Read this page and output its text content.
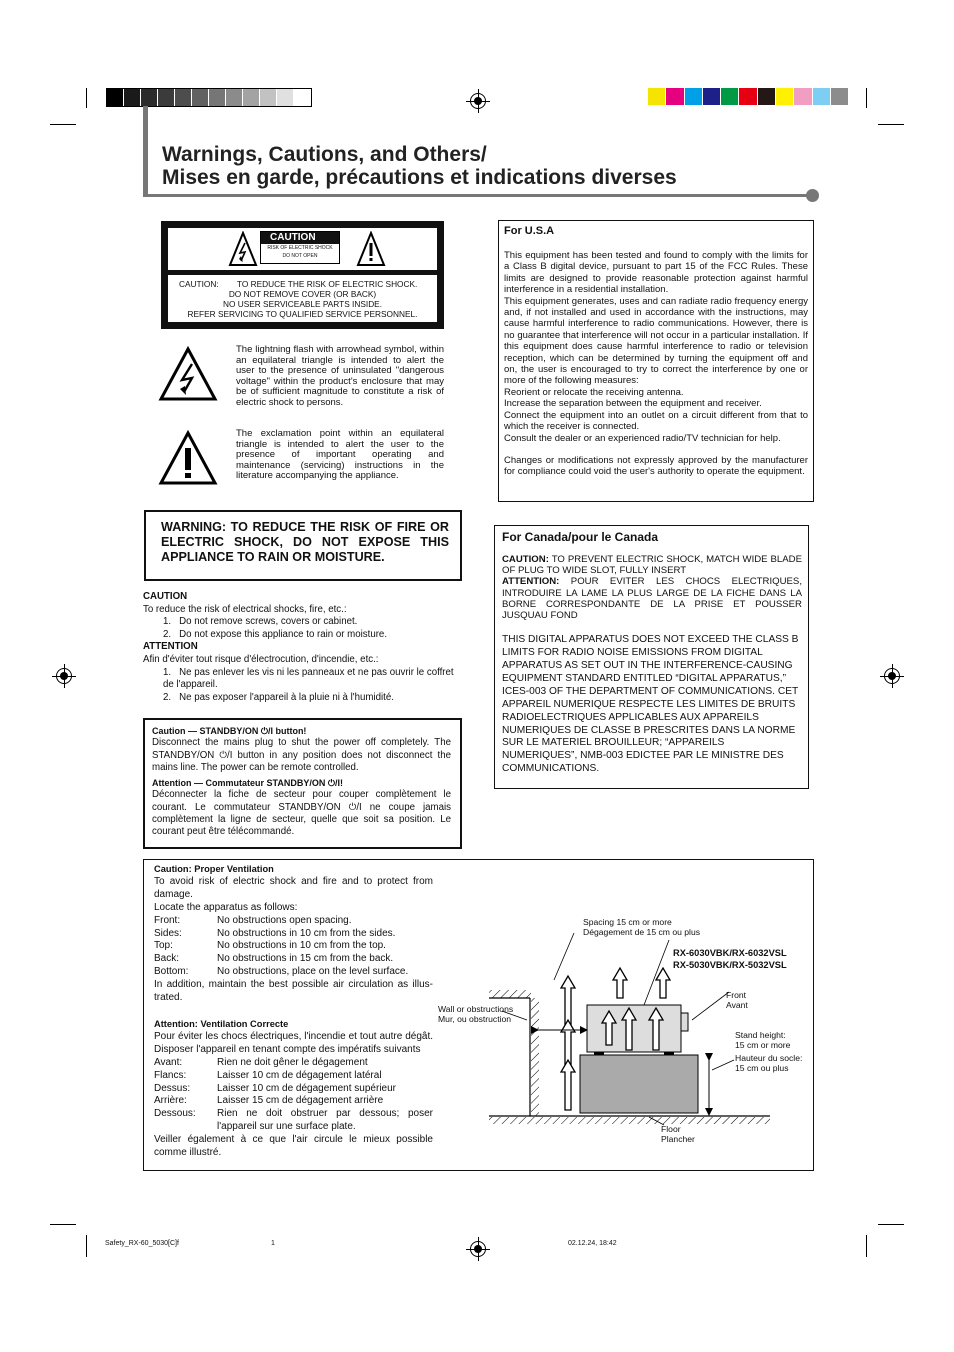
Warnings, Cautions, and Others/
Mises en garde, précautions et indications diverses
CAUTION
RISK OF ELECTRIC SHOCK
DO NOT OPEN
CAUTION:        TO REDUCE THE RISK OF ELECTRIC SHOCK.
DO NOT REMOVE COVER (OR BACK)
NO USER SERVICEABLE PARTS INSIDE.
REFER SERVICING TO QUALIFIED SERVICE PERSONNEL.

The lightning flash with arrowhead symbol, within an equilateral triangle is intended to alert the user to the presence of uninsulated "dangerous voltage" within the product's enclosure that may be of sufficient magnitude to constitute a risk of electric shock to persons.

The exclamation point within an equilateral triangle is intended to alert the user to the presence of important operating and maintenance (servicing) instructions in the literature accompanying the appliance.

WARNING: TO REDUCE THE RISK OF FIRE OR ELECTRIC SHOCK, DO NOT EXPOSE THIS APPLIANCE TO RAIN OR MOISTURE.
CAUTION
To reduce the risk of electrical shocks, fire, etc.:
1.   Do not remove screws, covers or cabinet.
2.   Do not expose this appliance to rain or moisture.
ATTENTION
Afin d'éviter tout risque d'électrocution, d'incendie, etc.:
1.   Ne pas enlever les vis ni les panneaux et ne pas ouvrir le coffret de l'appareil.
2.   Ne pas exposer l'appareil à la pluie ni à l'humidité.
Caution — STANDBY/ON ⏻/I button!
Disconnect the mains plug to shut the power off completely. The STANDBY/ON ⏻/I button in any position does not disconnect the mains line. The power can be remote controlled.
Attention — Commutateur STANDBY/ON ⏻/I!
Déconnecter la fiche de secteur pour couper complètement le courant. Le commutateur STANDBY/ON ⏻/I ne coupe jamais complètement la ligne de secteur, quelle que soit sa position. Le courant peut être télécommandé.
For U.S.A

This equipment has been tested and found to comply with the limits for a Class B digital device, pursuant to part 15 of the FCC Rules. These limits are designed to provide reasonable protection against harmful interference in a residential installation.

This equipment generates, uses and can radiate radio frequency energy and, if not installed and used in accordance with the instructions, may cause harmful interference to radio communications. However, there is no guarantee that interference will not occur in a particular installation. If this equipment does cause harmful interference to radio or television reception, which can be determined by turning the equipment off and on, the user is encouraged to try to correct the interference by one or more of the following measures:

Reorient or relocate the receiving antenna.

Increase the separation between the equipment and receiver.

Connect the equipment into an outlet on a circuit different from that to which the receiver is connected.

Consult the dealer or an experienced radio/TV technician for help.

Changes or modifications not expressly approved by the manufacturer for compliance could void the user's authority to operate the equipment.

For Canada/pour le Canada

CAUTION: TO PREVENT ELECTRIC SHOCK, MATCH WIDE BLADE OF PLUG TO WIDE SLOT, FULLY INSERT

ATTENTION: POUR EVITER LES CHOCS ELECTRIQUES, INTRODUIRE LA LAME LA PLUS LARGE DE LA FICHE DANS LA BORNE CORRESPONDANTE DE LA PRISE ET POUSSER JUSQUAU FOND

THIS DIGITAL APPARATUS DOES NOT EXCEED THE CLASS B LIMITS FOR RADIO NOISE EMISSIONS FROM DIGITAL APPARATUS AS SET OUT IN THE INTERFERENCE-CAUSING EQUIPMENT STANDARD ENTITLED “DIGITAL APPARATUS,” ICES-003 OF THE DEPARTMENT OF COMMUNICATIONS. CET APPAREIL NUMERIQUE RESPECTE LES LIMITES DE BRUITS RADIOELECTRIQUES APPLICABLES AUX APPAREILS NUMERIQUES DE CLASSE B PRESCRITES DANS LA NORME SUR LE MATERIEL BROUILLEUR; “APPAREILS NUMERIQUES”, NMB-003 EDICTEE PAR LE MINISTRE DES COMMUNICATIONS.

Caution: Proper Ventilation
To avoid risk of electric shock and fire and to protect from damage.
Locate the apparatus as follows:
Front:	No obstructions open spacing.
Sides:	No obstructions in 10 cm from the sides.
Top:	No obstructions in 10 cm from the top.
Back:	No obstructions in 15 cm from the back.
Bottom:	No obstructions, place on the level surface.
In addition, maintain the best possible air circulation as illus-trated.
Attention: Ventilation Correcte
Pour éviter les chocs électriques, l'incendie et tout autre dégât. Disposer l'appareil en tenant compte des impératifs suivants
Avant:	Rien ne doit gêner le dégagement
Flancs:	Laisser 10 cm de dégagement latéral
Dessus:	Laisser 10 cm de dégagement supérieur
Arrière:	Laisser 15 cm de dégagement arrière
Dessous:	Rien ne doit obstruer par dessous; poser l'appareil sur une surface plate.
Veiller également à ce que l'air circule le mieux possible comme illustré.
Spacing 15 cm or more
Dégagement de 15 cm ou plus
RX-6030VBK/RX-6032VSL
RX-5030VBK/RX-5032VSL
Front
Avant
Wall or obstructions
Mur, ou obstruction
Stand height:
15 cm or more
Hauteur du socle:
15 cm ou plus
Floor
Plancher
Safety_RX-60_5030[C]f	1	02.12.24, 18:42
